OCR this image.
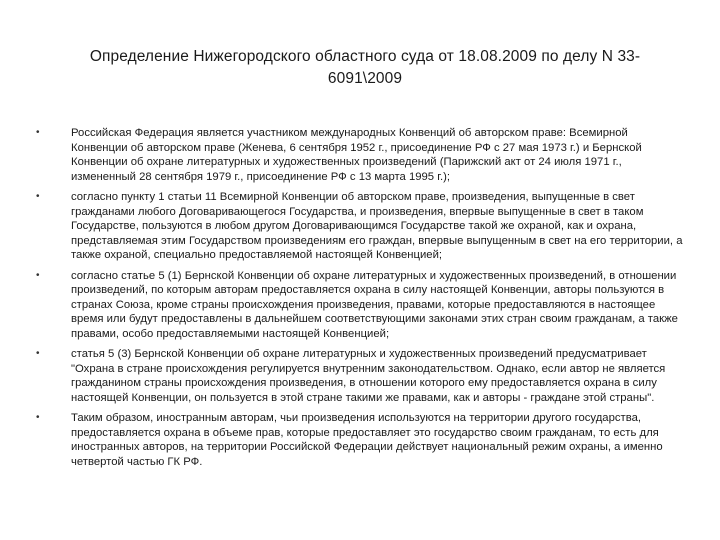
Определение Нижегородского областного суда от 18.08.2009 по делу N 33-
6091\2009
•	Российская Федерация является участником международных Конвенций об авторском праве: Всемирной Конвенции об авторском праве (Женева, 6 сентября 1952 г., присоединение РФ с 27 мая 1973 г.) и Бернской Конвенции об охране литературных и художественных произведений (Парижский акт от 24 июля 1971 г., измененный 28 сентября 1979 г., присоединение РФ с 13 марта 1995 г.);
•	согласно пункту 1 статьи 11 Всемирной Конвенции об авторском праве, произведения, выпущенные в свет гражданами любого Договаривающегося Государства, и произведения, впервые выпущенные в свет в таком Государстве, пользуются в любом другом Договаривающимся Государстве такой же охраной, как и охрана, представляемая этим Государством произведениям его граждан, впервые выпущенным в свет на его территории, а также охраной, специально предоставляемой настоящей Конвенцией;
•	согласно статье 5 (1) Бернской Конвенции об охране литературных и художественных произведений, в отношении произведений, по которым авторам предоставляется охрана в силу настоящей Конвенции, авторы пользуются в странах Союза, кроме страны происхождения произведения, правами, которые предоставляются в настоящее время или будут предоставлены в дальнейшем соответствующими законами этих стран своим гражданам, а также правами, особо предоставляемыми настоящей Конвенцией;
•	статья 5 (3) Бернской Конвенции об охране литературных и художественных произведений предусматривает "Охрана в стране происхождения регулируется внутренним законодательством. Однако, если автор не является гражданином страны происхождения произведения, в отношении которого ему предоставляется охрана в силу настоящей Конвенции, он пользуется в этой стране такими же правами, как и авторы - граждане этой страны".
•	Таким образом, иностранным авторам, чьи произведения используются на территории другого государства, предоставляется охрана в объеме прав, которые предоставляет это государство своим гражданам, то есть для иностранных авторов, на территории Российской Федерации действует национальный режим охраны, а именно четвертой частью ГК РФ.
